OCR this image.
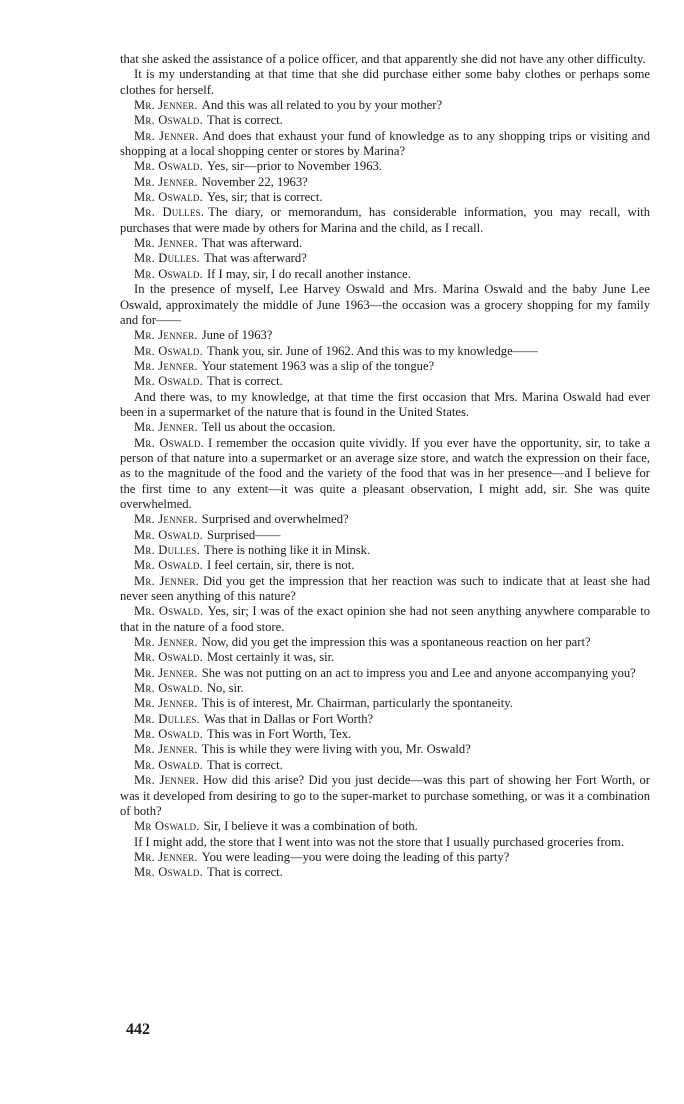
that she asked the assistance of a police officer, and that apparently she did not have any other difficulty.

It is my understanding at that time that she did purchase either some baby clothes or perhaps some clothes for herself.

Mr. Jenner. And this was all related to you by your mother?

Mr. Oswald. That is correct.

Mr. Jenner. And does that exhaust your fund of knowledge as to any shopping trips or visiting and shopping at a local shopping center or stores by Marina?

Mr. Oswald. Yes, sir—prior to November 1963.

Mr. Jenner. November 22, 1963?

Mr. Oswald. Yes, sir; that is correct.

Mr. Dulles. The diary, or memorandum, has considerable information, you may recall, with purchases that were made by others for Marina and the child, as I recall.

Mr. Jenner. That was afterward.

Mr. Dulles. That was afterward?

Mr. Oswald. If I may, sir, I do recall another instance.

In the presence of myself, Lee Harvey Oswald and Mrs. Marina Oswald and the baby June Lee Oswald, approximately the middle of June 1963—the occasion was a grocery shopping for my family and for——

Mr. Jenner. June of 1963?

Mr. Oswald. Thank you, sir. June of 1962. And this was to my knowledge——

Mr. Jenner. Your statement 1963 was a slip of the tongue?

Mr. Oswald. That is correct.

And there was, to my knowledge, at that time the first occasion that Mrs. Marina Oswald had ever been in a supermarket of the nature that is found in the United States.

Mr. Jenner. Tell us about the occasion.

Mr. Oswald. I remember the occasion quite vividly. If you ever have the opportunity, sir, to take a person of that nature into a supermarket or an average size store, and watch the expression on their face, as to the magnitude of the food and the variety of the food that was in her presence—and I believe for the first time to any extent—it was quite a pleasant observation, I might add, sir. She was quite overwhelmed.

Mr. Jenner. Surprised and overwhelmed?

Mr. Oswald. Surprised——

Mr. Dulles. There is nothing like it in Minsk.

Mr. Oswald. I feel certain, sir, there is not.

Mr. Jenner. Did you get the impression that her reaction was such to indicate that at least she had never seen anything of this nature?

Mr. Oswald. Yes, sir; I was of the exact opinion she had not seen anything anywhere comparable to that in the nature of a food store.

Mr. Jenner. Now, did you get the impression this was a spontaneous reaction on her part?

Mr. Oswald. Most certainly it was, sir.

Mr. Jenner. She was not putting on an act to impress you and Lee and anyone accompanying you?

Mr. Oswald. No, sir.

Mr. Jenner. This is of interest, Mr. Chairman, particularly the spontaneity.

Mr. Dulles. Was that in Dallas or Fort Worth?

Mr. Oswald. This was in Fort Worth, Tex.

Mr. Jenner. This is while they were living with you, Mr. Oswald?

Mr. Oswald. That is correct.

Mr. Jenner. How did this arise? Did you just decide—was this part of showing her Fort Worth, or was it developed from desiring to go to the super-market to purchase something, or was it a combination of both?

Mr Oswald. Sir, I believe it was a combination of both.

If I might add, the store that I went into was not the store that I usually purchased groceries from.

Mr. Jenner. You were leading—you were doing the leading of this party?

Mr. Oswald. That is correct.

442
